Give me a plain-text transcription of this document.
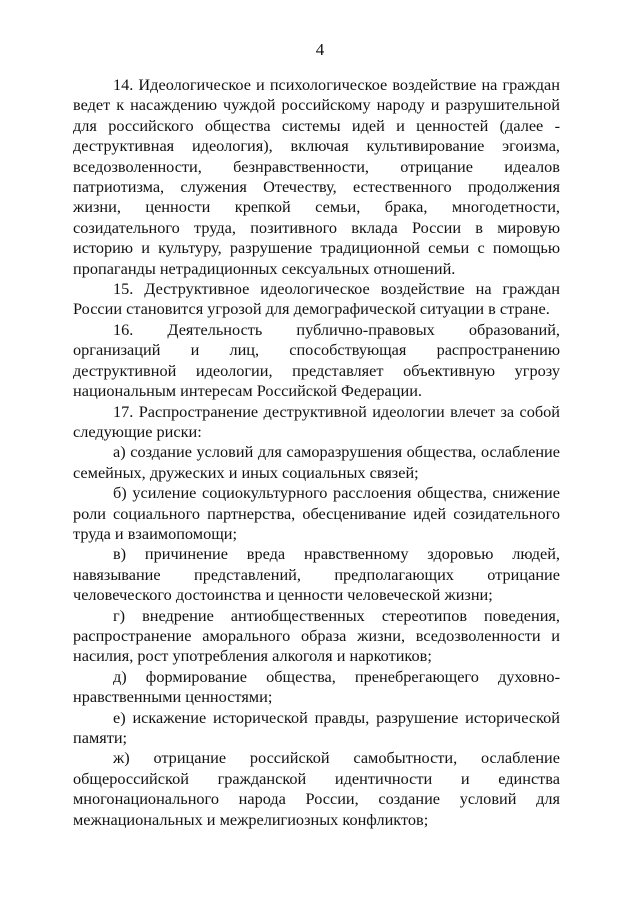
4

14. Идеологическое и психологическое воздействие на граждан ведет к насаждению чуждой российскому народу и разрушительной для российского общества системы идей и ценностей (далее - деструктивная идеология), включая культивирование эгоизма, вседозволенности, безнравственности, отрицание идеалов патриотизма, служения Отечеству, естественного продолжения жизни, ценности крепкой семьи, брака, многодетности, созидательного труда, позитивного вклада России в мировую историю и культуру, разрушение традиционной семьи с помощью пропаганды нетрадиционных сексуальных отношений.

15. Деструктивное идеологическое воздействие на граждан России становится угрозой для демографической ситуации в стране.

16. Деятельность публично-правовых образований, организаций и лиц, способствующая распространению деструктивной идеологии, представляет объективную угрозу национальным интересам Российской Федерации.

17. Распространение деструктивной идеологии влечет за собой следующие риски:

а) создание условий для саморазрушения общества, ослабление семейных, дружеских и иных социальных связей;

б) усиление социокультурного расслоения общества, снижение роли социального партнерства, обесценивание идей созидательного труда и взаимопомощи;

в) причинение вреда нравственному здоровью людей, навязывание представлений, предполагающих отрицание человеческого достоинства и ценности человеческой жизни;

г) внедрение антиобщественных стереотипов поведения, распространение аморального образа жизни, вседозволенности и насилия, рост употребления алкоголя и наркотиков;

д) формирование общества, пренебрегающего духовно-нравственными ценностями;

е) искажение исторической правды, разрушение исторической памяти;

ж) отрицание российской самобытности, ослабление общероссийской гражданской идентичности и единства многонационального народа России, создание условий для межнациональных и межрелигиозных конфликтов;
